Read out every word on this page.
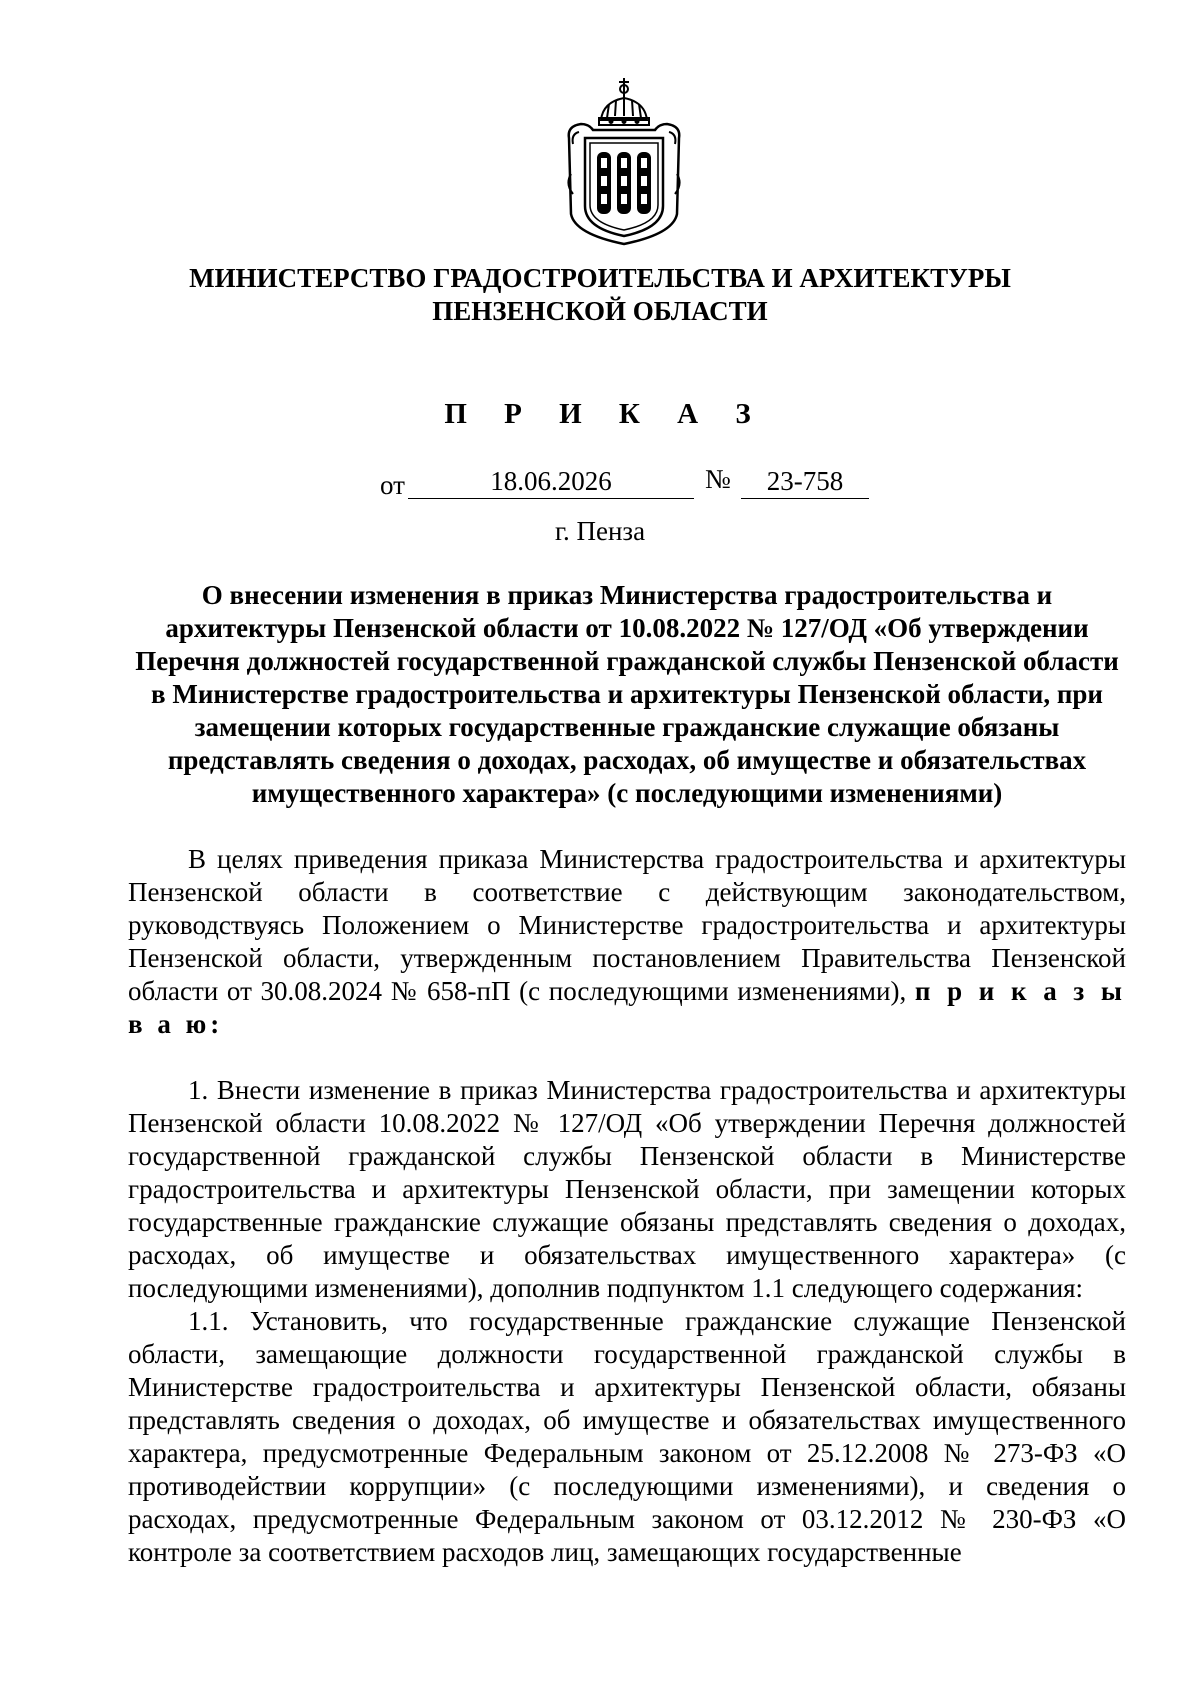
МИНИСТЕРСТВО ГРАДОСТРОИТЕЛЬСТВА И АРХИТЕКТУРЫ
ПЕНЗЕНСКОЙ ОБЛАСТИ
П Р И К А З
от	18.06.2026	№	23-758
г. Пенза
О внесении изменения в приказ Министерства градостроительства и архитектуры Пензенской области от 10.08.2022 № 127/ОД «Об утверждении Перечня должностей государственной гражданской службы Пензенской области в Министерстве градостроительства и архитектуры Пензенской области, при замещении которых государственные гражданские служащие обязаны представлять сведения о доходах, расходах, об имуществе и обязательствах имущественного характера» (с последующими изменениями)

В целях приведения приказа Министерства градостроительства и архитектуры Пензенской области в соответствие с действующим законодательством, руководствуясь Положением о Министерстве градостроительства и архитектуры Пензенской области, утвержденным постановлением Правительства Пензенской области от 30.08.2024 № 658-пП (с последующими изменениями), п р и к а з ы в а ю:

1. Внести изменение в приказ Министерства градостроительства и архитектуры Пензенской области 10.08.2022 № 127/ОД «Об утверждении Перечня должностей государственной гражданской службы Пензенской области в Министерстве градостроительства и архитектуры Пензенской области, при замещении которых государственные гражданские служащие обязаны представлять сведения о доходах, расходах, об имуществе и обязательствах имущественного характера» (с последующими изменениями), дополнив подпунктом 1.1 следующего содержания:

1.1. Установить, что государственные гражданские служащие Пензенской области, замещающие должности государственной гражданской службы в Министерстве градостроительства и архитектуры Пензенской области, обязаны представлять сведения о доходах, об имуществе и обязательствах имущественного характера, предусмотренные Федеральным законом от 25.12.2008 № 273-ФЗ «О противодействии коррупции» (с последующими изменениями), и сведения о расходах, предусмотренные Федеральным законом от 03.12.2012 № 230-ФЗ «О контроле за соответствием расходов лиц, замещающих государственные
